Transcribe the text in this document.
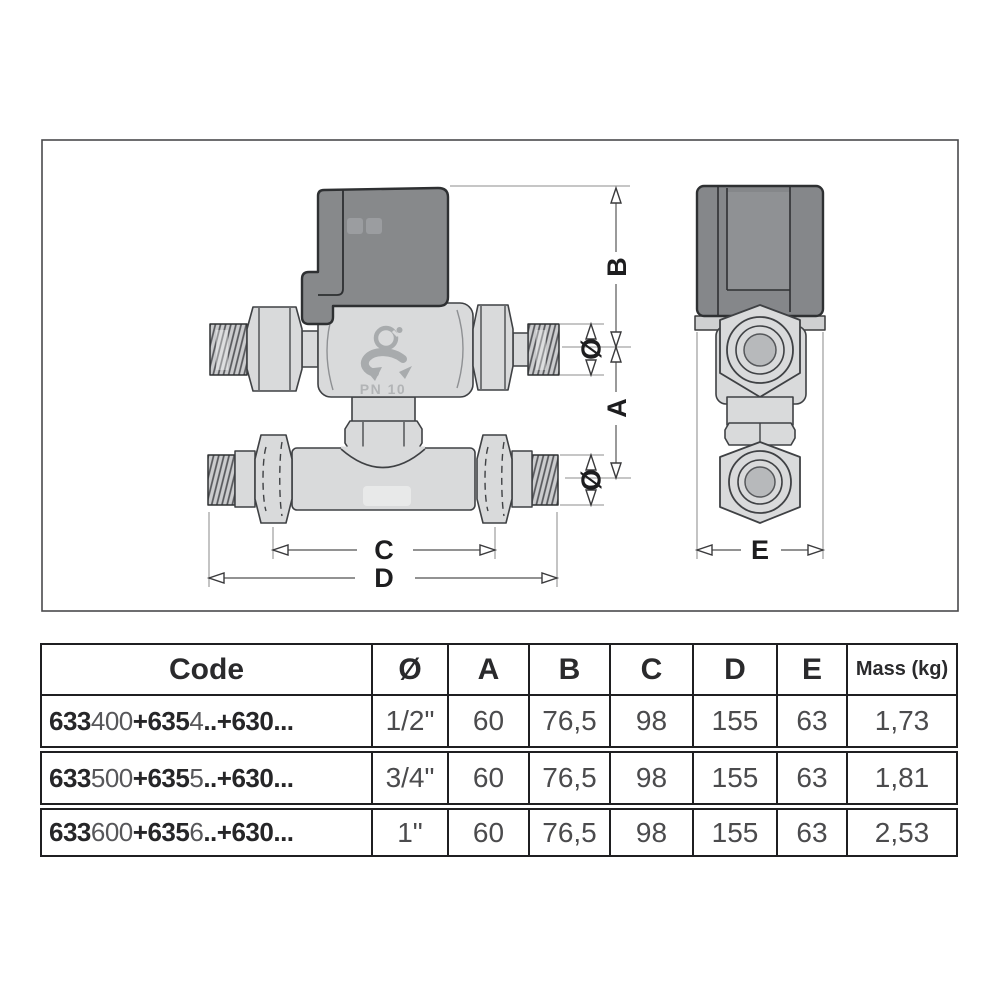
PN 10
B
A
Ø
Ø
C
D
E
Code	Ø	A	B	C	D	E	Mass (kg)
633 400 +635 4 ..+630...	1/2"	60	76,5	98	155	63	1,73
633 500 +635 5 ..+630...	3/4"	60	76,5	98	155	63	1,81
633 600 +635 6 ..+630...	1"	60	76,5	98	155	63	2,53
